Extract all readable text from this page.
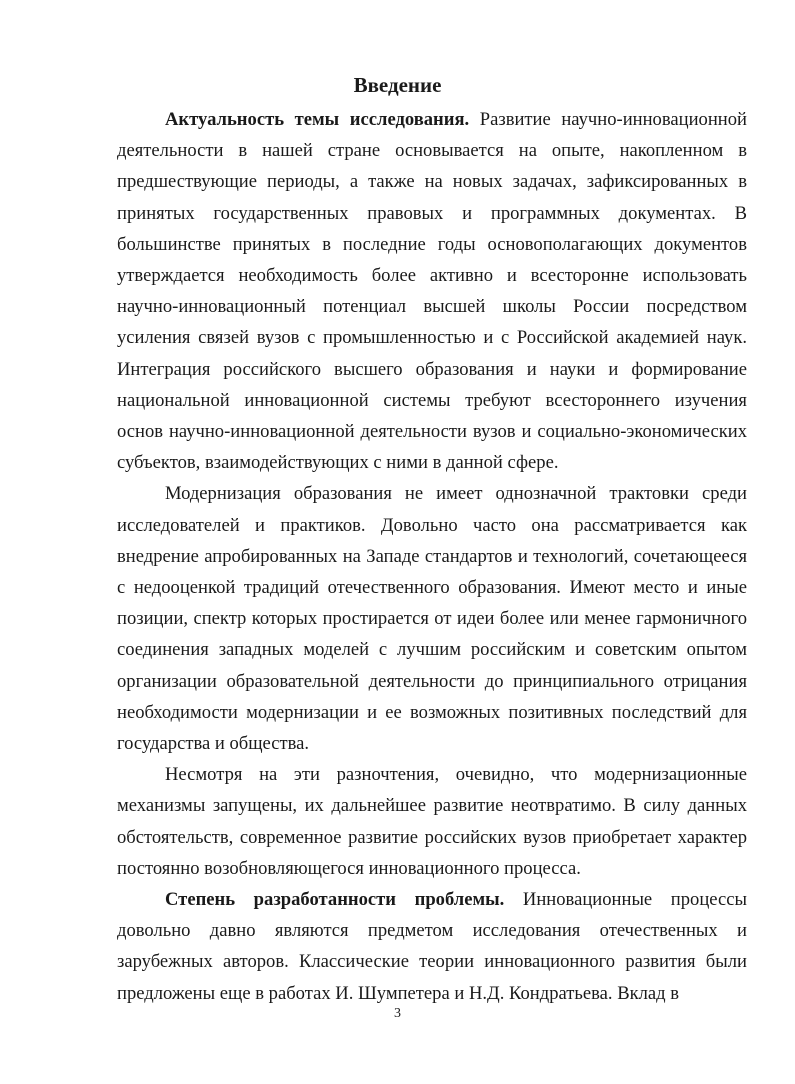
Введение

Актуальность темы исследования. Развитие научно-инновационной деятельности в нашей стране основывается на опыте, накопленном в предшествующие периоды, а также на новых задачах, зафиксированных в принятых государственных правовых и программных документах. В большинстве принятых в последние годы основополагающих документов утверждается необходимость более активно и всесторонне использовать научно-инновационный потенциал высшей школы России посредством усиления связей вузов с промышленностью и с Российской академией наук. Интеграция российского высшего образования и науки и формирование национальной инновационной системы требуют всестороннего изучения основ научно-инновационной деятельности вузов и социально-экономических субъектов, взаимодействующих с ними в данной сфере.

Модернизация образования не имеет однозначной трактовки среди исследователей и практиков. Довольно часто она рассматривается как внедрение апробированных на Западе стандартов и технологий, сочетающееся с недооценкой традиций отечественного образования. Имеют место и иные позиции, спектр которых простирается от идеи более или менее гармоничного соединения западных моделей с лучшим российским и советским опытом организации образовательной деятельности до принципиального отрицания необходимости модернизации и ее возможных позитивных последствий для государства и общества.

Несмотря на эти разночтения, очевидно, что модернизационные механизмы запущены, их дальнейшее развитие неотвратимо. В силу данных обстоятельств, современное развитие российских вузов приобретает характер постоянно возобновляющегося инновационного процесса.

Степень разработанности проблемы. Инновационные процессы довольно давно являются предметом исследования отечественных и зарубежных авторов. Классические теории инновационного развития были предложены еще в работах И. Шумпетера и Н.Д. Кондратьева. Вклад в

3
